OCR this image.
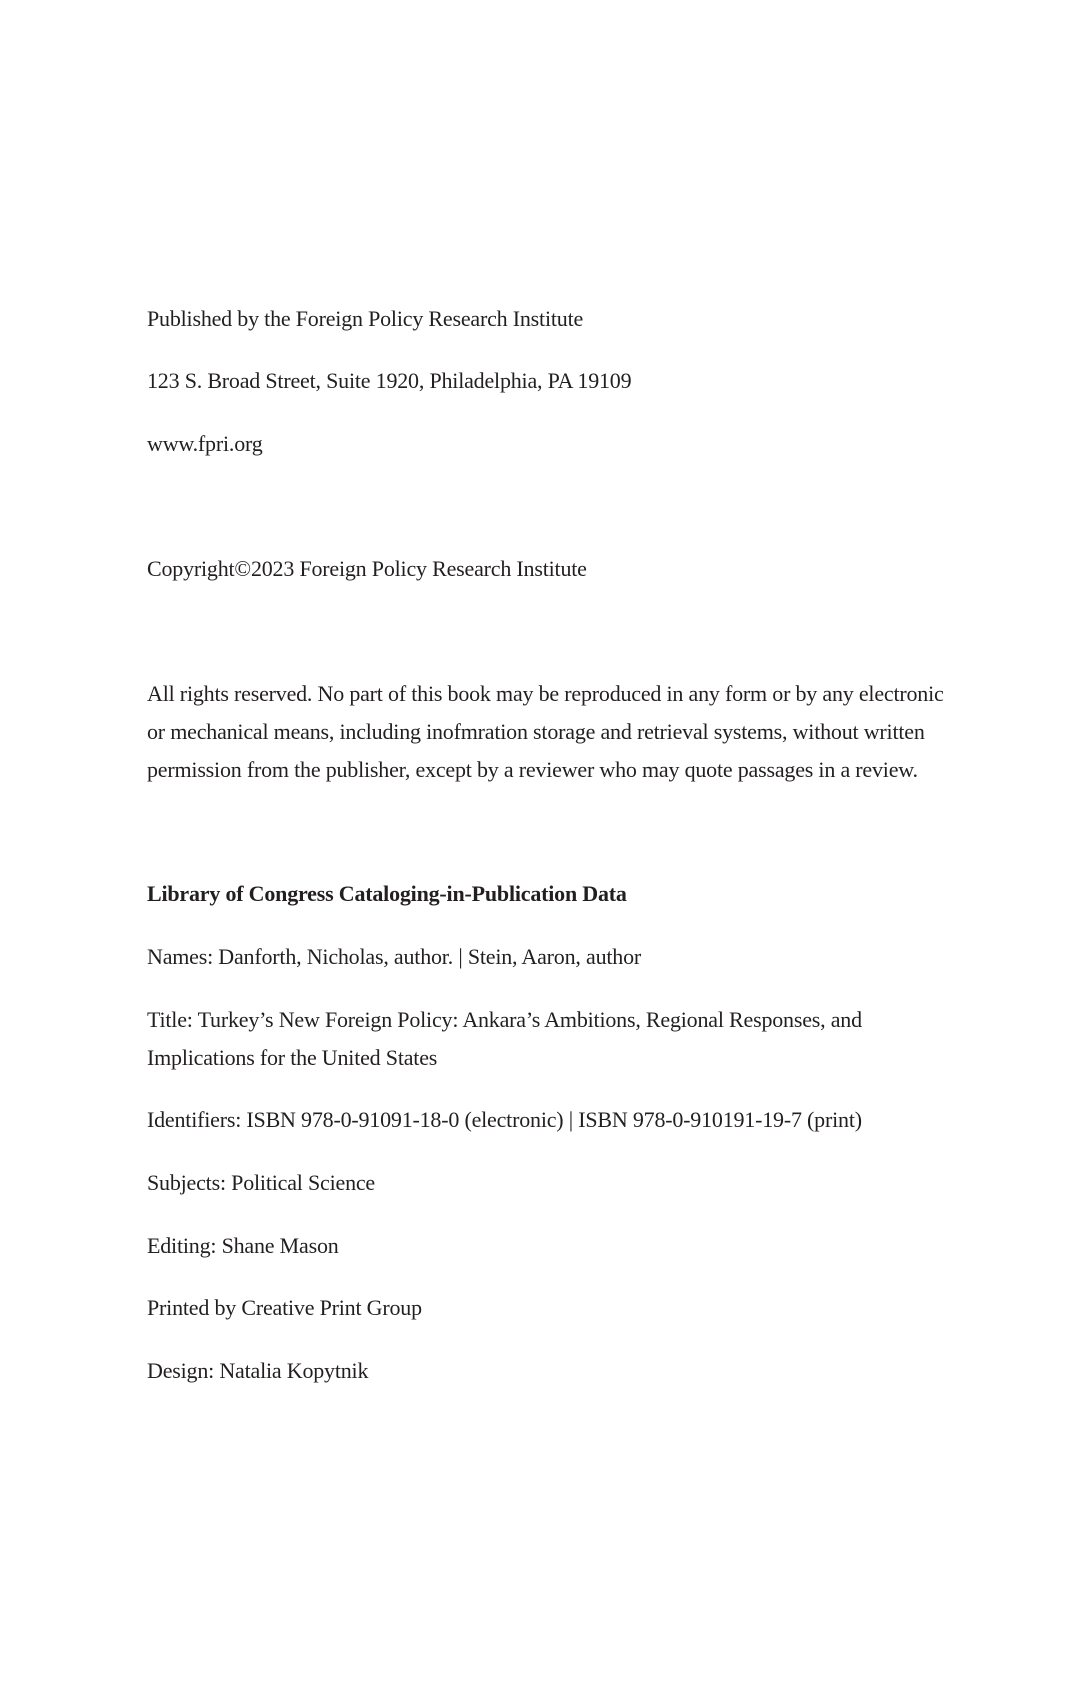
Published by the Foreign Policy Research Institute
123 S. Broad Street, Suite 1920, Philadelphia, PA 19109
www.fpri.org
Copyright©2023 Foreign Policy Research Institute
All rights reserved. No part of this book may be reproduced in any form or by any electronic
or mechanical means, including inofmration storage and retrieval systems, without written
permission from the publisher, except by a reviewer who may quote passages in a review.
Library of Congress Cataloging-in-Publication Data
Names: Danforth, Nicholas, author. | Stein, Aaron, author
Title: Turkey’s New Foreign Policy: Ankara’s Ambitions, Regional Responses, and
Implications for the United States
Identifiers: ISBN 978-0-91091-18-0 (electronic) | ISBN 978-0-910191-19-7 (print)
Subjects: Political Science
Editing: Shane Mason
Printed by Creative Print Group
Design: Natalia Kopytnik
